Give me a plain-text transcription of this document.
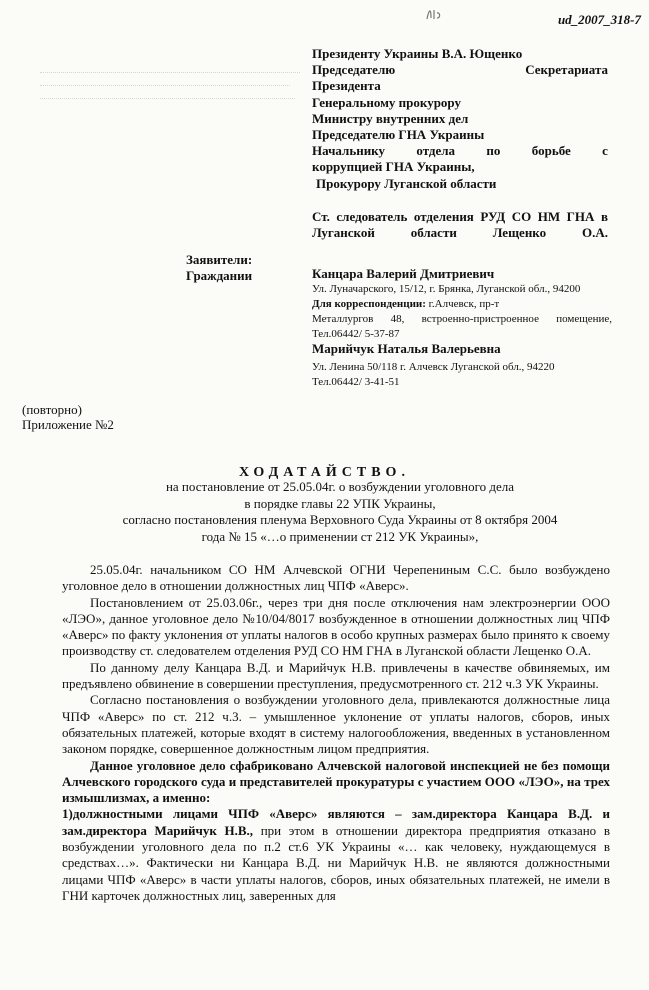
ud_2007_318-7
Президенту Украины В.А. Ющенко
Председателю	Секретариата
Президента
Генеральному прокурору
Министру внутренних дел
Председателю ГНА Украины
Начальнику отдела по борьбе с
коррупцией ГНА Украины,
Прокурору Луганской области
Ст. следователь отделения РУД СО НМ ГНА в Луганской области Лещенко О.А.
Заявители:
Граждании	Канцара Валерий Дмитриевич
Ул. Луначарского, 15/12, г. Брянка, Луганской обл., 94200
Для корреспонденции: г.Алчевск, пр-т
Металлургов 48, встроенно-пристроенное помещение, Тел.06442/ 5-37-87
Марийчук Наталья Валерьевна
Ул. Ленина 50/118 г. Алчевск Луганской обл., 94220
Тел.06442/ 3-41-51
(повторно)
Приложение №2
ХОДАТАЙСТВО.
на постановление от 25.05.04г. о возбуждении уголовного дела
в порядке главы 22 УПК Украины,
согласно постановления пленума Верховного Суда Украины от 8 октября 2004
года № 15 «…о применении ст 212 УК Украины»,

25.05.04г. начальником СО НМ Алчевской ОГНИ Черепениным С.С. было возбуждено уголовное дело в отношении должностных лиц ЧПФ «Аверс».

Постановлением от 25.03.06г., через три дня после отключения нам электроэнергии ООО «ЛЭО», данное уголовное дело №10/04/8017 возбужденное в отношении должностных лиц ЧПФ «Аверс» по факту уклонения от уплаты налогов в особо крупных размерах было принято к своему производству ст. следователем отделения РУД СО НМ ГНА в Луганской области Лещенко О.А.

По данному делу Канцара В.Д. и Марийчук Н.В. привлечены в качестве обвиняемых, им предъявлено обвинение в совершении преступления, предусмотренного ст. 212 ч.3 УК Украины.

Согласно постановления о возбуждении уголовного дела, привлекаются должностные лица ЧПФ «Аверс» по ст. 212 ч.3. – умышленное уклонение от уплаты налогов, сборов, иных обязательных платежей, которые входят в систему налогообложения, введенных в установленном законом порядке, совершенное должностным лицом предприятия.

Данное уголовное дело сфабриковано Алчевской налоговой инспекцией не без помощи Алчевского городского суда и представителей прокуратуры с участием ООО «ЛЭО», на трех измышлизмах, а именно:

1)должностными лицами ЧПФ «Аверс» являются – зам.директора Канцара В.Д. и зам.директора Марийчук Н.В., при этом в отношении директора предприятия отказано в возбуждении уголовного дела по п.2 ст.6 УК Украины «… как человеку, нуждающемуся в средствах…». Фактически ни Канцара В.Д. ни Марийчук Н.В. не являются должностными лицами ЧПФ «Аверс» в части уплаты налогов, сборов, иных обязательных платежей, не имели в ГНИ карточек должностных лиц, заверенных для
